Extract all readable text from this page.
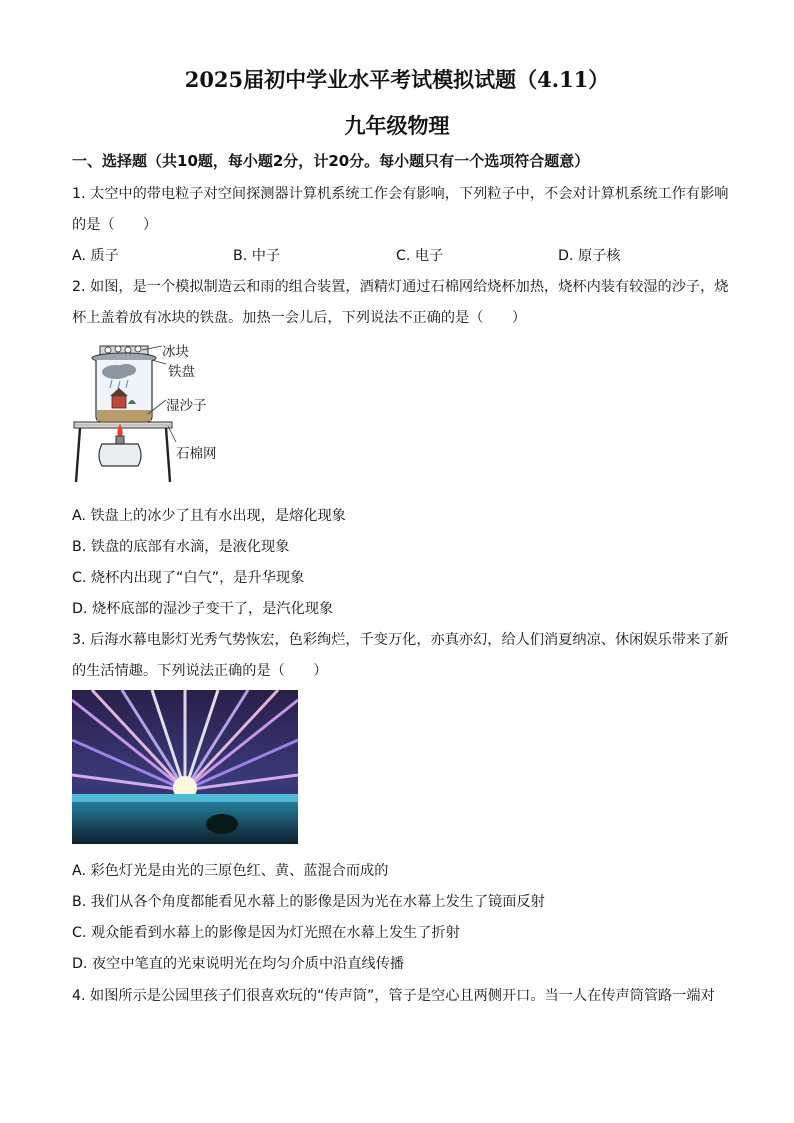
2025届初中学业水平考试模拟试题（4.11）
九年级物理
一、选择题（共10题，每小题2分，计20分。每小题只有一个选项符合题意）
1. 太空中的带电粒子对空间探测器计算机系统工作会有影响，下列粒子中，不会对计算机系统工作有影响
的是（　　）
A. 质子	B. 中子	C. 电子	D. 原子核
2. 如图，是一个模拟制造云和雨的组合装置，酒精灯通过石棉网给烧杯加热，烧杯内装有较湿的沙子，烧
杯上盖着放有冰块的铁盘。加热一会儿后，下列说法不正确的是（　　）
冰块
铁盘
湿沙子
石棉网
A. 铁盘上的冰少了且有水出现，是熔化现象
B. 铁盘的底部有水滴，是液化现象
C. 烧杯内出现了“白气”，是升华现象
D. 烧杯底部的湿沙子变干了，是汽化现象
3. 后海水幕电影灯光秀气势恢宏，色彩绚烂，千变万化，亦真亦幻，给人们消夏纳凉、休闲娱乐带来了新
的生活情趣。下列说法正确的是（　　）
A. 彩色灯光是由光的三原色红、黄、蓝混合而成的
B. 我们从各个角度都能看见水幕上的影像是因为光在水幕上发生了镜面反射
C. 观众能看到水幕上的影像是因为灯光照在水幕上发生了折射
D. 夜空中笔直的光束说明光在均匀介质中沿直线传播
4. 如图所示是公园里孩子们很喜欢玩的“传声筒”，管子是空心且两侧开口。当一人在传声筒管路一端对
